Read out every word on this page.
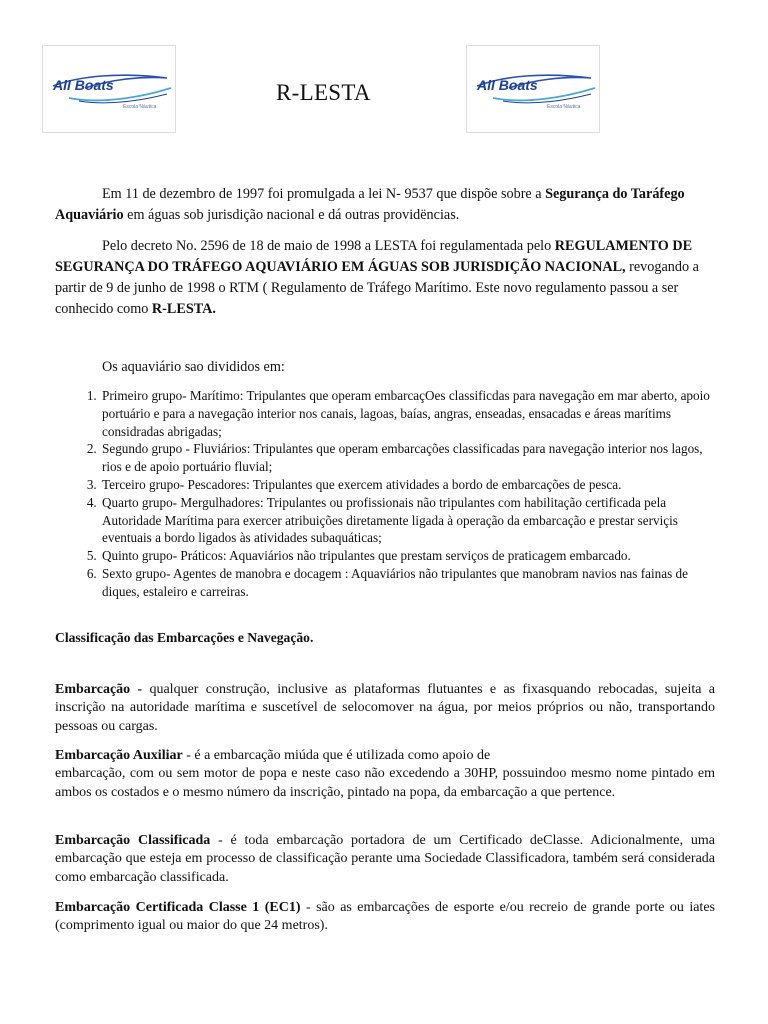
All Boats
Escola Náutica
R-LESTA	All Boats
Escola Náutica

Em 11 de dezembro de 1997 foi promulgada a lei N- 9537 que dispõe sobre a Segurança do Taráfego Aquaviário em águas sob jurisdição nacional e dá outras providëncias.

Pelo decreto No. 2596 de 18 de maio de 1998 a LESTA foi regulamentada pelo REGULAMENTO DE SEGURANÇA DO TRÁFEGO AQUAVIÁRIO EM ÁGUAS SOB JURISDIÇÃO NACIONAL, revogando a partir de 9 de junho de 1998 o RTM ( Regulamento de Tráfego Marítimo. Este novo regulamento passou a ser conhecido como R-LESTA.

Os aquaviário sao divididos em:

1. Primeiro grupo- Marítimo: Tripulantes que operam embarcaçOes classificdas para navegação em mar aberto, apoio portuário e para a navegação interior nos canais, lagoas, baías, angras, enseadas, ensacadas e áreas marítims considradas abrigadas;
2. Segundo grupo - Fluviários: Tripulantes que operam embarcações classificadas para navegação interior nos lagos, rios e de apoio portuário fluvial;
3. Terceiro grupo- Pescadores: Tripulantes que exercem atividades a bordo de embarcações de pesca.
4. Quarto grupo- Mergulhadores: Tripulantes ou profissionais não tripulantes com habilitação certificada pela Autoridade Marítima para exercer atribuições diretamente ligada à operação da embarcação e prestar serviçis eventuais a bordo ligados às atividades subaquáticas;
5. Quinto grupo- Práticos: Aquaviários não tripulantes que prestam serviços de praticagem embarcado.
6. Sexto grupo- Agentes de manobra e docagem : Aquaviários não tripulantes que manobram navios nas fainas de diques, estaleiro e carreiras.
Classificação das Embarcações e Navegação.

Embarcação - qualquer construção, inclusive as plataformas flutuantes e as fixasquando rebocadas, sujeita a inscrição na autoridade marítima e suscetível de selocomover na água, por meios próprios ou não, transportando pessoas ou cargas.

Embarcação Auxiliar - é a embarcação miúda que é utilizada como apoio de
embarcação, com ou sem motor de popa e neste caso não excedendo a 30HP, possuindoo mesmo nome pintado em ambos os costados e o mesmo número da inscrição, pintado na popa, da embarcação a que pertence.

Embarcação Classificada - é toda embarcação portadora de um Certificado deClasse. Adicionalmente, uma embarcação que esteja em processo de classificação perante uma Sociedade Classificadora, também será considerada como embarcação classificada.

Embarcação Certificada Classe 1 (EC1) - são as embarcações de esporte e/ou recreio de grande porte ou iates (comprimento igual ou maior do que 24 metros).
